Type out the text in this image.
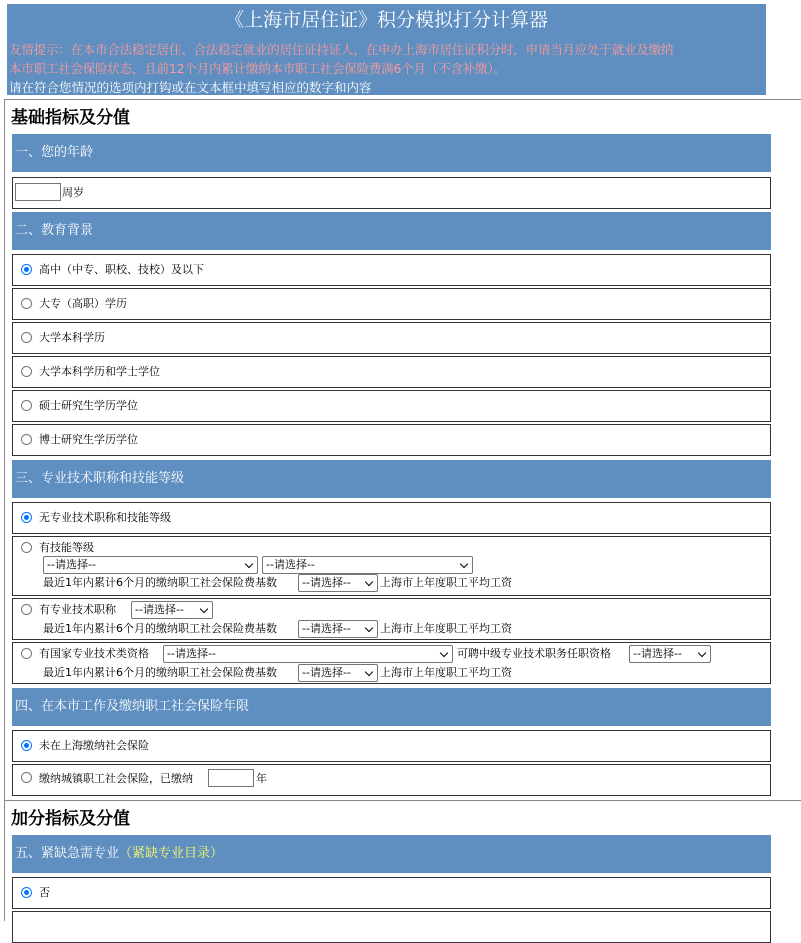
《上海市居住证》积分模拟打分计算器
友情提示：在本市合法稳定居住、合法稳定就业的居住证持证人，在申办上海市居住证积分时，申请当月应处于就业及缴纳
本市职工社会保险状态，且前12个月内累计缴纳本市职工社会保险费满6个月（不含补缴）。
请在符合您情况的选项内打钩或在文本框中填写相应的数字和内容
基础指标及分值
一、您的年龄
周岁
二、教育背景
高中（中专、职校、技校）及以下
大专（高职）学历
大学本科学历
大学本科学历和学士学位
硕士研究生学历学位
博士研究生学历学位
三、专业技术职称和技能等级
无专业技术职称和技能等级
有技能等级
--请选择--	--请选择--
最近1年内累计6个月的缴纳职工社会保险费基数	--请选择--	上海市上年度职工平均工资
有专业技术职称	--请选择--
最近1年内累计6个月的缴纳职工社会保险费基数	--请选择--	上海市上年度职工平均工资
有国家专业技术类资格	--请选择--	可聘中级专业技术职务任职资格	--请选择--
最近1年内累计6个月的缴纳职工社会保险费基数	--请选择--	上海市上年度职工平均工资
四、在本市工作及缴纳职工社会保险年限
未在上海缴纳社会保险
缴纳城镇职工社会保险，已缴纳	年
加分指标及分值
五、紧缺急需专业（紧缺专业目录）
否
